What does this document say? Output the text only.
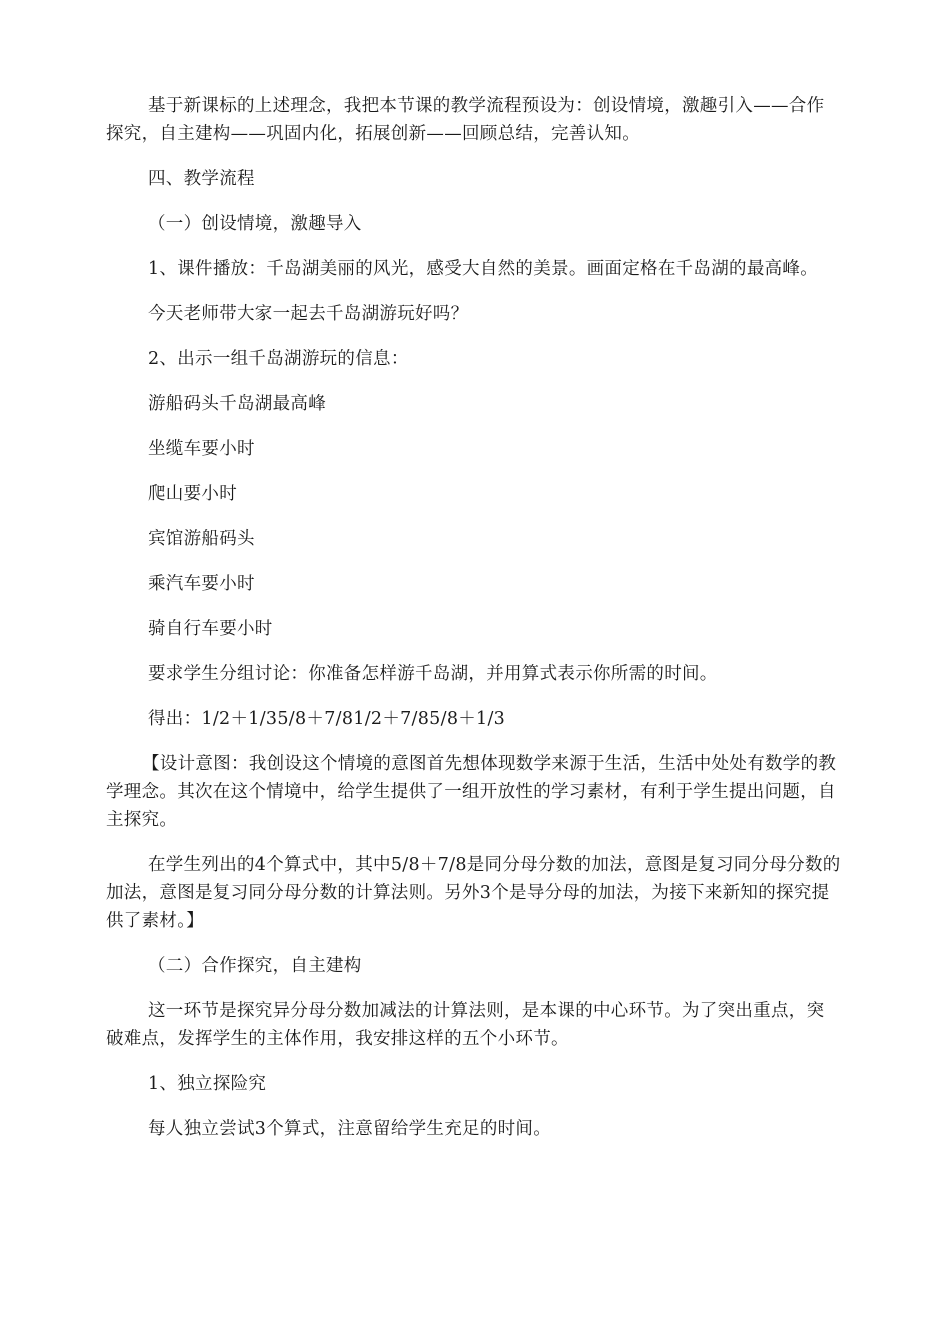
基于新课标的上述理念，我把本节课的教学流程预设为：创设情境，激趣引入——合作探究，自主建构——巩固内化，拓展创新——回顾总结，完善认知。

四、教学流程

（一）创设情境，激趣导入

1、课件播放：千岛湖美丽的风光，感受大自然的美景。画面定格在千岛湖的最高峰。

今天老师带大家一起去千岛湖游玩好吗？

2、出示一组千岛湖游玩的信息：

游船码头千岛湖最高峰

坐缆车要小时

爬山要小时

宾馆游船码头

乘汽车要小时

骑自行车要小时

要求学生分组讨论：你准备怎样游千岛湖，并用算式表示你所需的时间。

得出：1/2＋1/35/8＋7/81/2＋7/85/8＋1/3

【设计意图：我创设这个情境的意图首先想体现数学来源于生活，生活中处处有数学的教学理念。其次在这个情境中，给学生提供了一组开放性的学习素材，有利于学生提出问题，自主探究。

在学生列出的4个算式中，其中5/8＋7/8是同分母分数的加法，意图是复习同分母分数的加法，意图是复习同分母分数的计算法则。另外3个是导分母的加法，为接下来新知的探究提供了素材。】

（二）合作探究，自主建构

这一环节是探究异分母分数加减法的计算法则，是本课的中心环节。为了突出重点，突破难点，发挥学生的主体作用，我安排这样的五个小环节。

1、独立探险究

每人独立尝试3个算式，注意留给学生充足的时间。
